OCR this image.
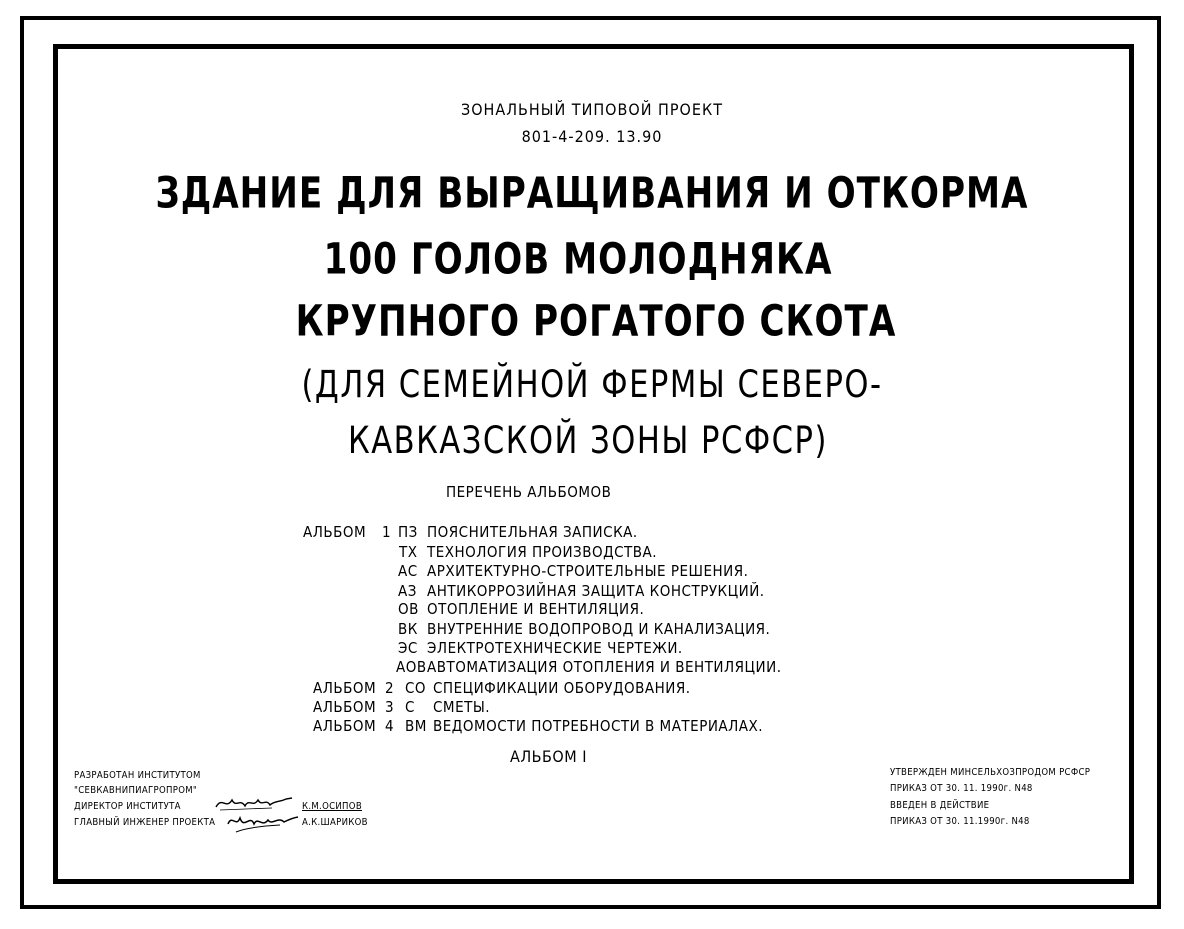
ЗОНАЛЬНЫЙ ТИПОВОЙ ПРОЕКТ
801-4-209. 13.90
ЗДАНИЕ ДЛЯ ВЫРАЩИВАНИЯ И ОТКОРМА
100 ГОЛОВ МОЛОДНЯКА
КРУПНОГО РОГАТОГО СКОТА
(ДЛЯ СЕМЕЙНОЙ ФЕРМЫ СЕВЕРО-
КАВКАЗСКОЙ ЗОНЫ РСФСР)
ПЕРЕЧЕНЬ АЛЬБОМОВ
АЛЬБОМ 1 ПЗ ПОЯСНИТЕЛЬНАЯ ЗАПИСКА.
ТХ ТЕХНОЛОГИЯ ПРОИЗВОДСТВА.
АС АРХИТЕКТУРНО-СТРОИТЕЛЬНЫЕ РЕШЕНИЯ.
АЗ АНТИКОРРОЗИЙНАЯ ЗАЩИТА КОНСТРУКЦИЙ.
ОВ ОТОПЛЕНИЕ И ВЕНТИЛЯЦИЯ.
ВК ВНУТРЕННИЕ ВОДОПРОВОД И КАНАЛИЗАЦИЯ.
ЭС ЭЛЕКТРОТЕХНИЧЕСКИЕ ЧЕРТЕЖИ.
АОВ АВТОМАТИЗАЦИЯ ОТОПЛЕНИЯ И ВЕНТИЛЯЦИИ.
АЛЬБОМ 2 СО СПЕЦИФИКАЦИИ ОБОРУДОВАНИЯ.
АЛЬБОМ 3 С СМЕТЫ.
АЛЬБОМ 4 ВМ ВЕДОМОСТИ ПОТРЕБНОСТИ В МАТЕРИАЛАХ.
АЛЬБОМ I
РАЗРАБОТАН ИНСТИТУТОМ
"СЕВКАВНИПИАГРОПРОМ"
ДИРЕКТОР ИНСТИТУТА	К.М.ОСИПОВ
ГЛАВНЫЙ ИНЖЕНЕР ПРОЕКТА	А.К.ШАРИКОВ
УТВЕРЖДЕН МИНСЕЛЬХОЗПРОДОМ РСФСР
ПРИКАЗ ОТ 30. 11. 1990г. N48
ВВЕДЕН В ДЕЙСТВИЕ
ПРИКАЗ ОТ 30. 11.1990г. N48
